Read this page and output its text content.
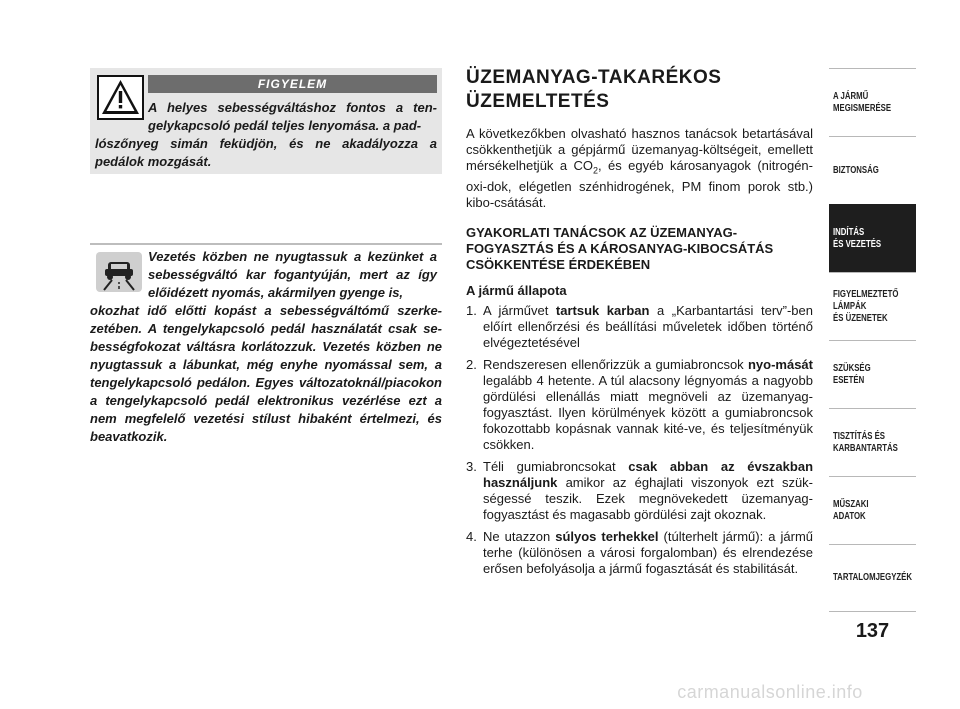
FIGYELEM
A helyes sebességváltáshoz fontos a ten-gelykapcsoló pedál teljes lenyomása. a pad-
lószőnyeg simán feküdjön, és ne akadályozza a pedálok mozgását.
Vezetés közben ne nyugtassuk a kezünket a sebességváltó kar fogantyúján, mert az így előidézett nyomás, akármilyen gyenge is,
okozhat idő előtti kopást a sebességváltómű szerke-zetében. A tengelykapcsoló pedál használatát csak se-bességfokozat váltásra korlátozzuk. Vezetés közben ne nyugtassuk a lábunkat, még enyhe nyomással sem, a tengelykapcsoló pedálon. Egyes változatoknál/piacokon a tengelykapcsoló pedál elektronikus vezérlése ezt a nem megfelelő vezetési stílust hibaként értelmezi, és beavatkozik.
ÜZEMANYAG-TAKARÉKOS ÜZEMELTETÉS
A következőkben olvasható hasznos tanácsok betartásával csökkenthetjük a gépjármű üzemanyag-költségeit, emellett mérsékelhetjük a $CO_2$, és egyéb károsanyagok (nitrogén-oxi-dok, elégetlen szénhidrogének, PM finom porok stb.) kibo-csátását.
GYAKORLATI TANÁCSOK AZ ÜZEMANYAG-FOGYASZTÁS ÉS A KÁROSANYAG-KIBOCSÁTÁS CSÖKKENTÉSE ÉRDEKÉBEN
A jármű állapota
1. A járművet tartsuk karban a „Karbantartási terv”-ben előírt ellenőrzési és beállítási műveletek időben történő elvégeztetésével
2. Rendszeresen ellenőrizzük a gumiabroncsok nyo-mását legalább 4 hetente. A túl alacsony légnyomás a nagyobb gördülési ellenállás miatt megnöveli az üzemanyag-fogyasztást. Ilyen körülmények között a gumiabroncsok fokozottabb kopásnak vannak kité-ve, és teljesítményük csökken.
3. Téli gumiabroncsokat csak abban az évszakban használjunk amikor az éghajlati viszonyok ezt szük-ségessé teszik. Ezek megnövekedett üzemanyag-fogyasztást és magasabb gördülési zajt okoznak.
4. Ne utazzon súlyos terhekkel (túlterhelt jármű): a jármű terhe (különösen a városi forgalomban) és elrendezése erősen befolyásolja a jármű fogasztását és stabilitását.
A JÁRMŰ
MEGISMERÉSE
BIZTONSÁG
INDÍTÁS
ÉS VEZETÉS
FIGYELMEZTETŐ
LÁMPÁK
ÉS ÜZENETEK
SZÜKSÉG
ESETÉN
TISZTÍTÁS ÉS
KARBANTARTÁS
MŰSZAKI
ADATOK
TARTALOMJEGYZÉK
137
carmanualsonline.info
